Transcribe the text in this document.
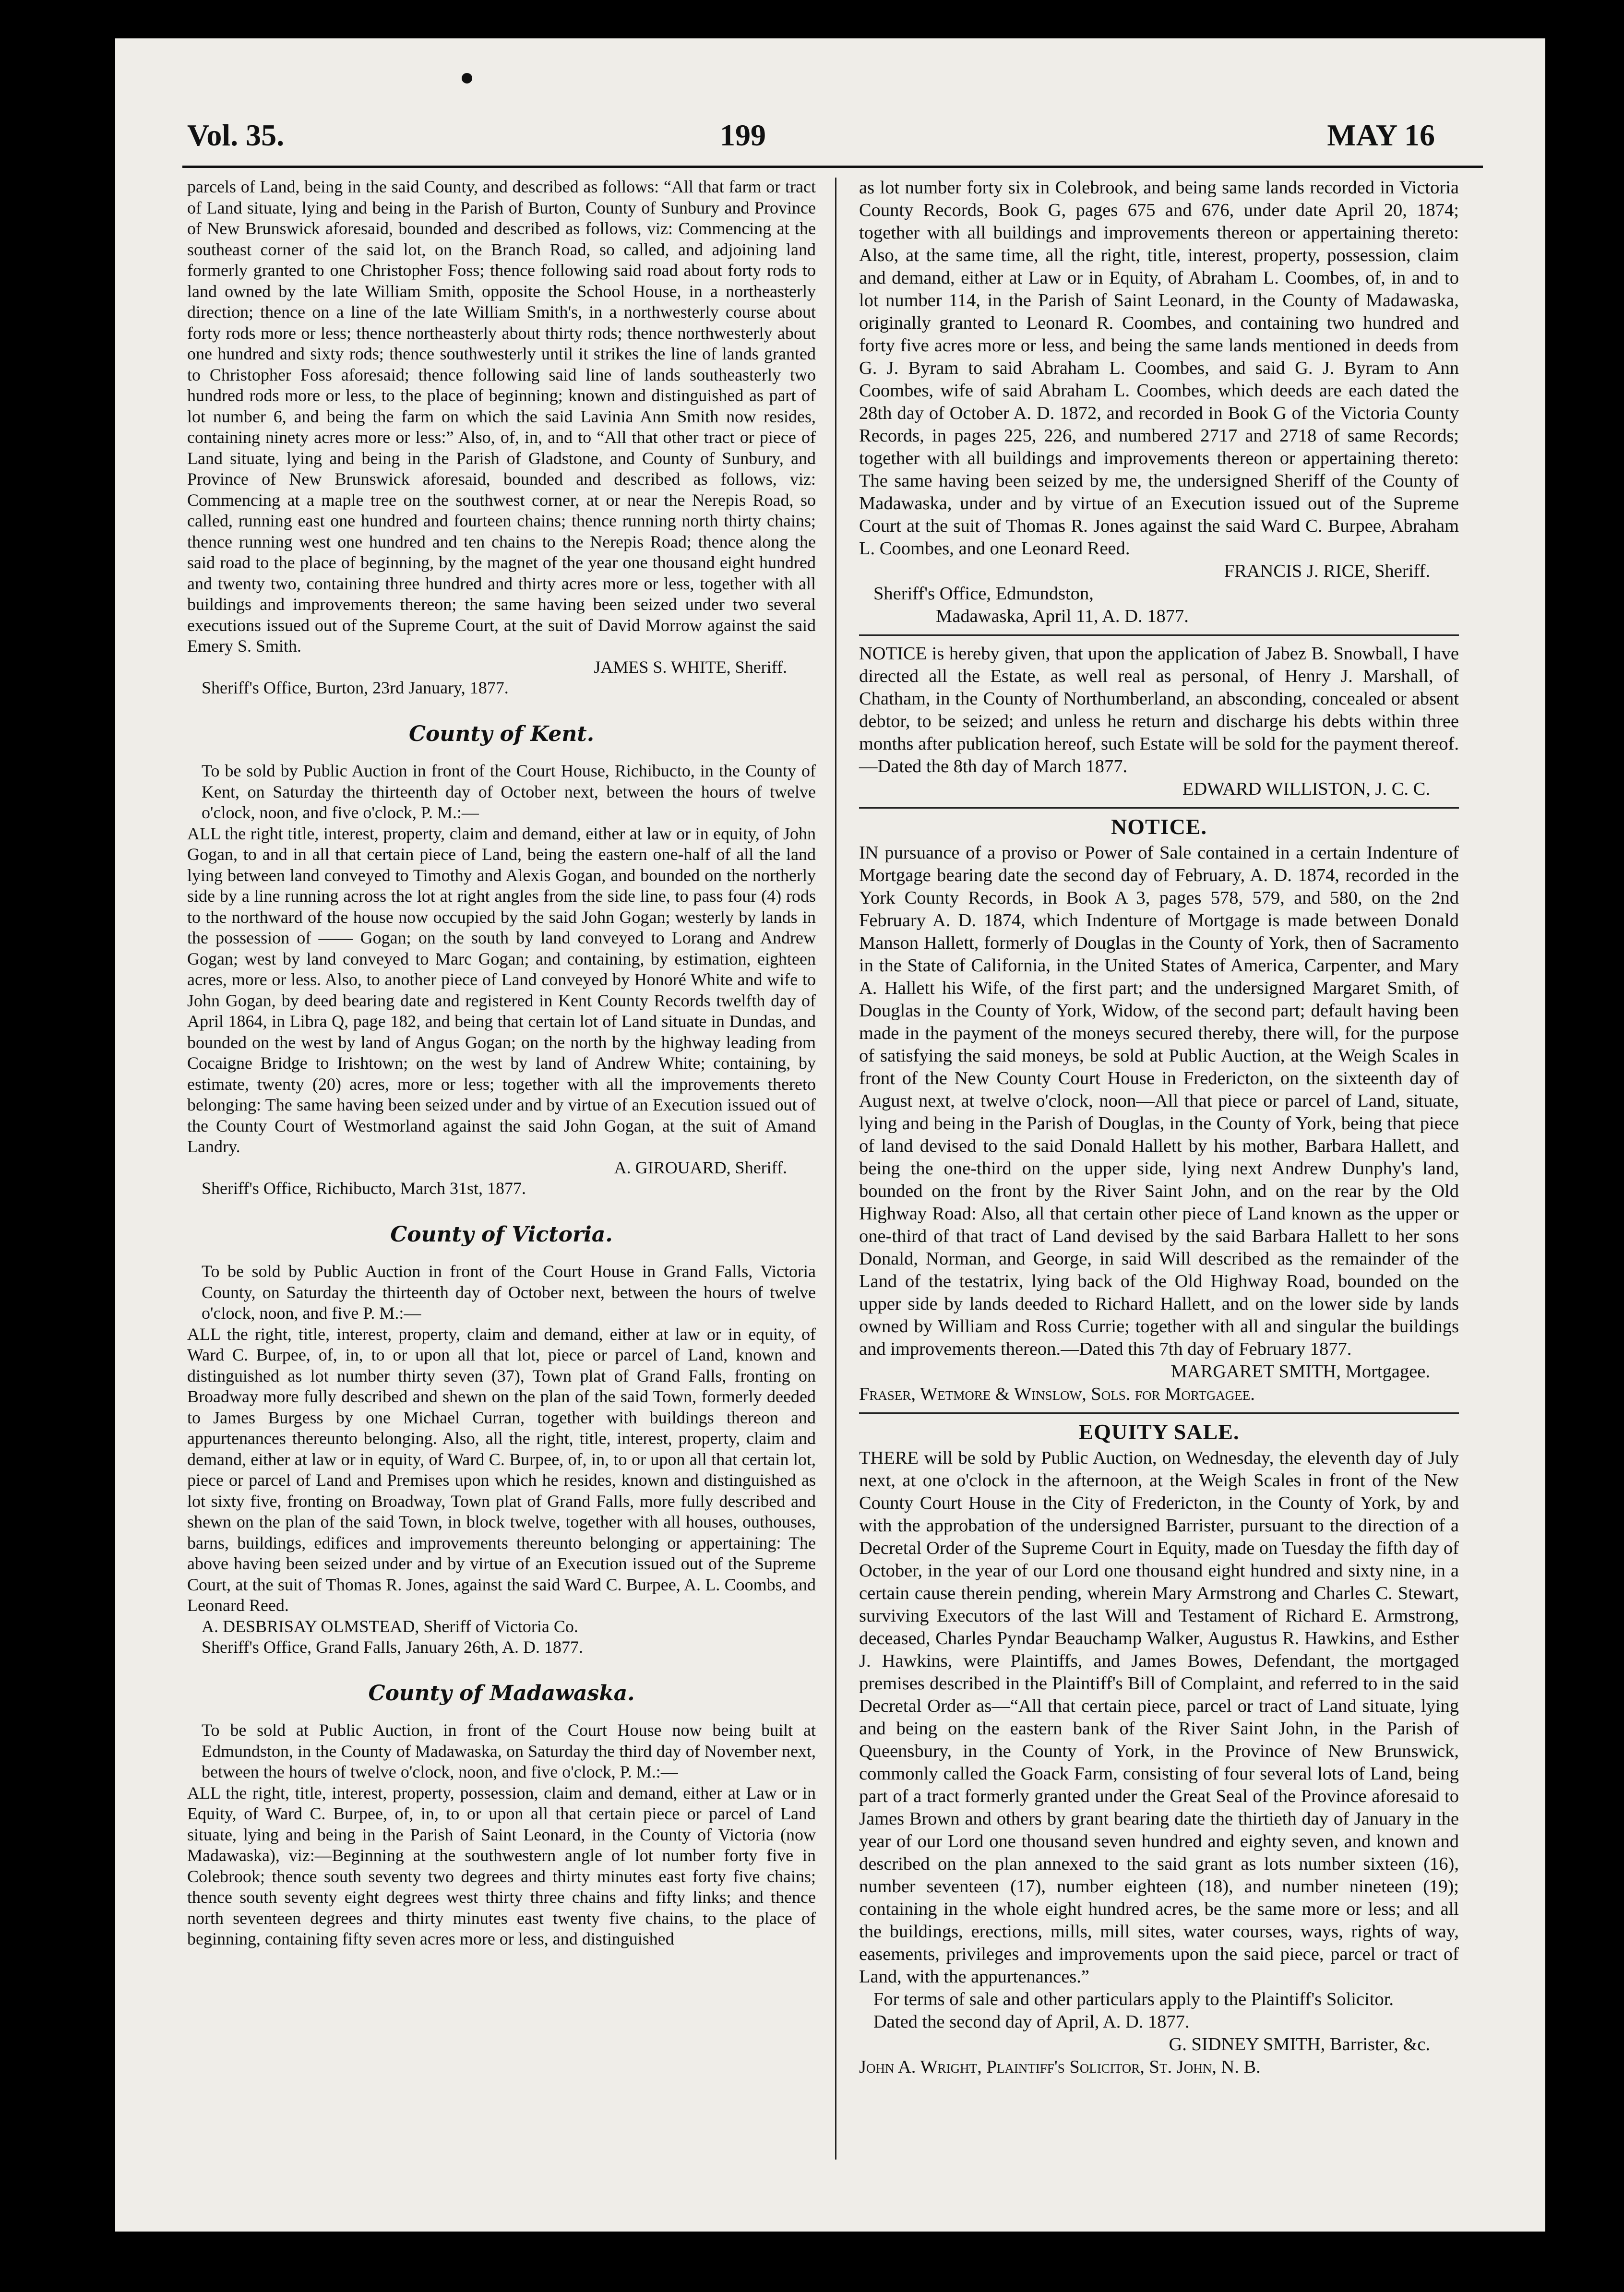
Vol. 35.	199	MAY 16

parcels of Land, being in the said County, and described as follows: “All that farm or tract of Land situate, lying and being in the Parish of Burton, County of Sunbury and Province of New Brunswick aforesaid, bounded and described as follows, viz: Commencing at the southeast corner of the said lot, on the Branch Road, so called, and adjoining land formerly granted to one Christopher Foss; thence following said road about forty rods to land owned by the late William Smith, opposite the School House, in a northeasterly direction; thence on a line of the late William Smith's, in a northwesterly course about forty rods more or less; thence northeasterly about thirty rods; thence northwesterly about one hundred and sixty rods; thence southwesterly until it strikes the line of lands granted to Christopher Foss aforesaid; thence following said line of lands southeasterly two hundred rods more or less, to the place of beginning; known and distinguished as part of lot number 6, and being the farm on which the said Lavinia Ann Smith now resides, containing ninety acres more or less:” Also, of, in, and to “All that other tract or piece of Land situate, lying and being in the Parish of Gladstone, and County of Sunbury, and Province of New Brunswick aforesaid, bounded and described as follows, viz: Commencing at a maple tree on the southwest corner, at or near the Nerepis Road, so called, running east one hundred and fourteen chains; thence running north thirty chains; thence running west one hundred and ten chains to the Nerepis Road; thence along the said road to the place of beginning, by the magnet of the year one thousand eight hundred and twenty two, containing three hundred and thirty acres more or less, together with all buildings and improvements thereon; the same having been seized under two several executions issued out of the Supreme Court, at the suit of David Morrow against the said Emery S. Smith.

JAMES S. WHITE, Sheriff.

Sheriff's Office, Burton, 23rd January, 1877.

County of Kent.

To be sold by Public Auction in front of the Court House, Richibucto, in the County of Kent, on Saturday the thirteenth day of October next, between the hours of twelve o'clock, noon, and five o'clock, P. M.:—

ALL the right title, interest, property, claim and demand, either at law or in equity, of John Gogan, to and in all that certain piece of Land, being the eastern one-half of all the land lying between land conveyed to Timothy and Alexis Gogan, and bounded on the northerly side by a line running across the lot at right angles from the side line, to pass four (4) rods to the northward of the house now occupied by the said John Gogan; westerly by lands in the possession of —— Gogan; on the south by land conveyed to Lorang and Andrew Gogan; west by land conveyed to Marc Gogan; and containing, by estimation, eighteen acres, more or less. Also, to another piece of Land conveyed by Honoré White and wife to John Gogan, by deed bearing date and registered in Kent County Records twelfth day of April 1864, in Libra Q, page 182, and being that certain lot of Land situate in Dundas, and bounded on the west by land of Angus Gogan; on the north by the highway leading from Cocaigne Bridge to Irishtown; on the west by land of Andrew White; containing, by estimate, twenty (20) acres, more or less; together with all the improvements thereto belonging: The same having been seized under and by virtue of an Execution issued out of the County Court of Westmorland against the said John Gogan, at the suit of Amand Landry.

A. GIROUARD, Sheriff.

Sheriff's Office, Richibucto, March 31st, 1877.

County of Victoria.

To be sold by Public Auction in front of the Court House in Grand Falls, Victoria County, on Saturday the thirteenth day of October next, between the hours of twelve o'clock, noon, and five P. M.:—

ALL the right, title, interest, property, claim and demand, either at law or in equity, of Ward C. Burpee, of, in, to or upon all that lot, piece or parcel of Land, known and distinguished as lot number thirty seven (37), Town plat of Grand Falls, fronting on Broadway more fully described and shewn on the plan of the said Town, formerly deeded to James Burgess by one Michael Curran, together with buildings thereon and appurtenances thereunto belonging. Also, all the right, title, interest, property, claim and demand, either at law or in equity, of Ward C. Burpee, of, in, to or upon all that certain lot, piece or parcel of Land and Premises upon which he resides, known and distinguished as lot sixty five, fronting on Broadway, Town plat of Grand Falls, more fully described and shewn on the plan of the said Town, in block twelve, together with all houses, outhouses, barns, buildings, edifices and improvements thereunto belonging or appertaining: The above having been seized under and by virtue of an Execution issued out of the Supreme Court, at the suit of Thomas R. Jones, against the said Ward C. Burpee, A. L. Coombs, and Leonard Reed.

A. DESBRISAY OLMSTEAD, Sheriff of Victoria Co.

Sheriff's Office, Grand Falls, January 26th, A. D. 1877.

County of Madawaska.

To be sold at Public Auction, in front of the Court House now being built at Edmundston, in the County of Madawaska, on Saturday the third day of November next, between the hours of twelve o'clock, noon, and five o'clock, P. M.:—

ALL the right, title, interest, property, possession, claim and demand, either at Law or in Equity, of Ward C. Burpee, of, in, to or upon all that certain piece or parcel of Land situate, lying and being in the Parish of Saint Leonard, in the County of Victoria (now Madawaska), viz:—Beginning at the southwestern angle of lot number forty five in Colebrook; thence south seventy two degrees and thirty minutes east forty five chains; thence south seventy eight degrees west thirty three chains and fifty links; and thence north seventeen degrees and thirty minutes east twenty five chains, to the place of beginning, containing fifty seven acres more or less, and distinguished

as lot number forty six in Colebrook, and being same lands recorded in Victoria County Records, Book G, pages 675 and 676, under date April 20, 1874; together with all buildings and improvements thereon or appertaining thereto: Also, at the same time, all the right, title, interest, property, possession, claim and demand, either at Law or in Equity, of Abraham L. Coombes, of, in and to lot number 114, in the Parish of Saint Leonard, in the County of Madawaska, originally granted to Leonard R. Coombes, and containing two hundred and forty five acres more or less, and being the same lands mentioned in deeds from G. J. Byram to said Abraham L. Coombes, and said G. J. Byram to Ann Coombes, wife of said Abraham L. Coombes, which deeds are each dated the 28th day of October A. D. 1872, and recorded in Book G of the Victoria County Records, in pages 225, 226, and numbered 2717 and 2718 of same Records; together with all buildings and improvements thereon or appertaining thereto: The same having been seized by me, the undersigned Sheriff of the County of Madawaska, under and by virtue of an Execution issued out of the Supreme Court at the suit of Thomas R. Jones against the said Ward C. Burpee, Abraham L. Coombes, and one Leonard Reed.

FRANCIS J. RICE, Sheriff.

Sheriff's Office, Edmundston,

Madawaska, April 11, A. D. 1877.

NOTICE is hereby given, that upon the application of Jabez B. Snowball, I have directed all the Estate, as well real as personal, of Henry J. Marshall, of Chatham, in the County of Northumberland, an absconding, concealed or absent debtor, to be seized; and unless he return and discharge his debts within three months after publication hereof, such Estate will be sold for the payment thereof.—Dated the 8th day of March 1877.

EDWARD WILLISTON, J. C. C.

NOTICE.

IN pursuance of a proviso or Power of Sale contained in a certain Indenture of Mortgage bearing date the second day of February, A. D. 1874, recorded in the York County Records, in Book A 3, pages 578, 579, and 580, on the 2nd February A. D. 1874, which Indenture of Mortgage is made between Donald Manson Hallett, formerly of Douglas in the County of York, then of Sacramento in the State of California, in the United States of America, Carpenter, and Mary A. Hallett his Wife, of the first part; and the undersigned Margaret Smith, of Douglas in the County of York, Widow, of the second part; default having been made in the payment of the moneys secured thereby, there will, for the purpose of satisfying the said moneys, be sold at Public Auction, at the Weigh Scales in front of the New County Court House in Fredericton, on the sixteenth day of August next, at twelve o'clock, noon—All that piece or parcel of Land, situate, lying and being in the Parish of Douglas, in the County of York, being that piece of land devised to the said Donald Hallett by his mother, Barbara Hallett, and being the one-third on the upper side, lying next Andrew Dunphy's land, bounded on the front by the River Saint John, and on the rear by the Old Highway Road: Also, all that certain other piece of Land known as the upper or one-third of that tract of Land devised by the said Barbara Hallett to her sons Donald, Norman, and George, in said Will described as the remainder of the Land of the testatrix, lying back of the Old Highway Road, bounded on the upper side by lands deeded to Richard Hallett, and on the lower side by lands owned by William and Ross Currie; together with all and singular the buildings and improvements thereon.—Dated this 7th day of February 1877.

MARGARET SMITH, Mortgagee.

Fraser, Wetmore & Winslow, Sols. for Mortgagee.

EQUITY SALE.

THERE will be sold by Public Auction, on Wednesday, the eleventh day of July next, at one o'clock in the afternoon, at the Weigh Scales in front of the New County Court House in the City of Fredericton, in the County of York, by and with the approbation of the undersigned Barrister, pursuant to the direction of a Decretal Order of the Supreme Court in Equity, made on Tuesday the fifth day of October, in the year of our Lord one thousand eight hundred and sixty nine, in a certain cause therein pending, wherein Mary Armstrong and Charles C. Stewart, surviving Executors of the last Will and Testament of Richard E. Armstrong, deceased, Charles Pyndar Beauchamp Walker, Augustus R. Hawkins, and Esther J. Hawkins, were Plaintiffs, and James Bowes, Defendant, the mortgaged premises described in the Plaintiff's Bill of Complaint, and referred to in the said Decretal Order as—“All that certain piece, parcel or tract of Land situate, lying and being on the eastern bank of the River Saint John, in the Parish of Queensbury, in the County of York, in the Province of New Brunswick, commonly called the Goack Farm, consisting of four several lots of Land, being part of a tract formerly granted under the Great Seal of the Province aforesaid to James Brown and others by grant bearing date the thirtieth day of January in the year of our Lord one thousand seven hundred and eighty seven, and known and described on the plan annexed to the said grant as lots number sixteen (16), number seventeen (17), number eighteen (18), and number nineteen (19); containing in the whole eight hundred acres, be the same more or less; and all the buildings, erections, mills, mill sites, water courses, ways, rights of way, easements, privileges and improvements upon the said piece, parcel or tract of Land, with the appurtenances.”

For terms of sale and other particulars apply to the Plaintiff's Solicitor.

Dated the second day of April, A. D. 1877.

G. SIDNEY SMITH, Barrister, &c.

John A. Wright, Plaintiff's Solicitor, St. John, N. B.
